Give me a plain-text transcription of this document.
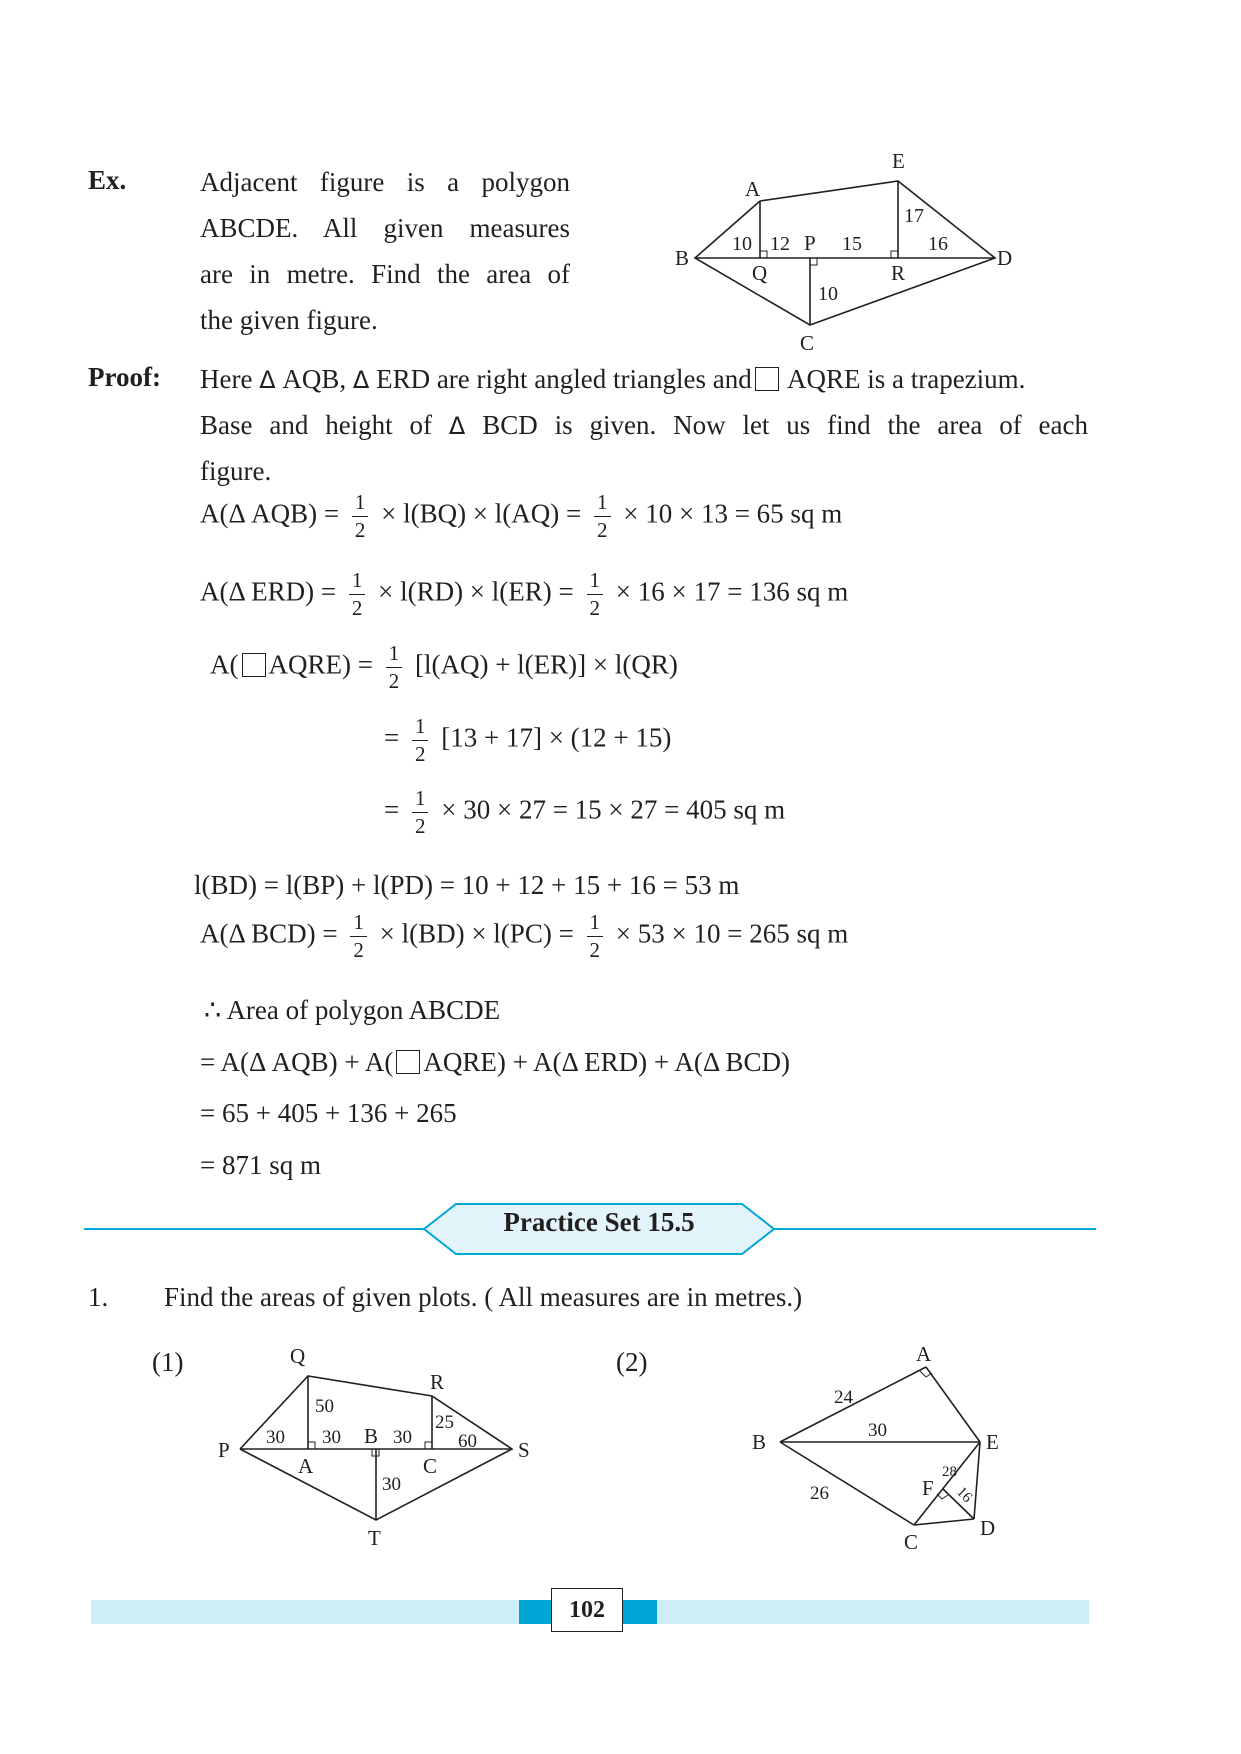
Ex.	Adjacent figure is a polygon
ABCDE. All given measures
are in metre. Find the area of
the given figure.
A
B
C
D
E
P
Q	R
10 12	15	16
17
10
Proof: Here Δ AQB, Δ ERD are right angled triangles and AQRE is a trapezium.
Base and height of Δ BCD is given. Now let us find the area of each
figure.
A(Δ $AQB) = \frac{1}{2} \times l(BQ) \times l(AQ) = \frac{1}{2} \times 10 \times 13 = 65$ sq m
A(Δ $ERD) = \frac{1}{2} \times l(RD) \times l(ER) = \frac{1}{2} \times 16 \times 17 = 136$ sq m
A( AQRE) = $\frac{1}{2} [l(AQ) + l(ER)] \times l(QR)$
= $\frac{1}{2} [13 + 17] \times (12 + 15)$
= $\frac{1}{2} \times 30 \times 27 = 15 \times 27 = 405$ sq m
l(BD) = l(BP) + l(PD) = 10 + 12 + 15 + 16 = 53 m
A(Δ $BCD) = \frac{1}{2} \times l(BD) \times l(PC) = \frac{1}{2} \times 53 \times 10 = 265$ sq m
∴ Area of polygon ABCDE
= A(Δ AQB) + A( AQRE) + A(Δ ERD) + A(Δ BCD)
= 65 + 405 + 136 + 265
= 871 sq m
Practice Set 15.5
1. Find the areas of given plots. ( All measures are in metres.)
(1)	(2)
P
Q
R
S
T
A
B
C
50
30 30	30
25
60
30
A
B
C
D
E
F
24
30
26
28
16
102
